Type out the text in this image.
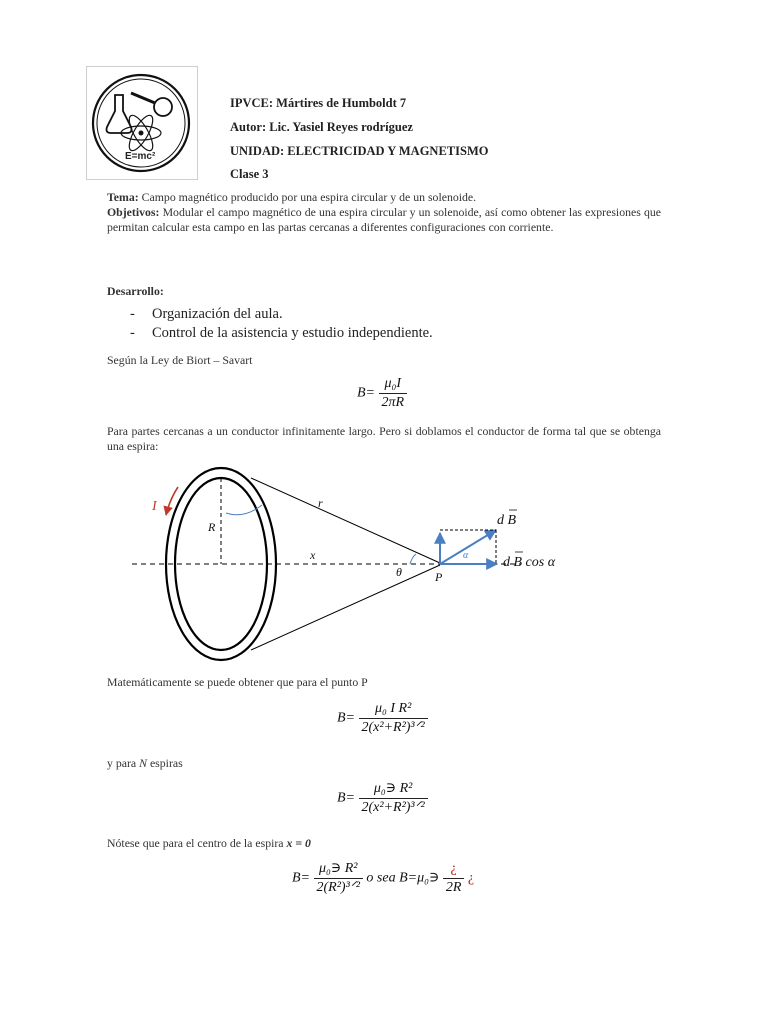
E=mc²
IPVCE: Mártires de Humboldt 7
Autor: Lic. Yasiel Reyes rodríguez
UNIDAD: ELECTRICIDAD Y MAGNETISMO
Clase 3
Tema: Campo magnético producido por una espira circular y de un solenoide.
Objetivos: Modular el campo magnético de una espira circular y un solenoide, así como obtener las expresiones que permitan calcular esta campo en las partas cercanas a diferentes configuraciones con corriente.
Desarrollo:
- Organización del aula.
- Control de la asistencia y estudio independiente.
Según la Ley de Biort – Savart
$B= \frac{\text{μ₀I}}{2\pi R}$
Para partes cercanas a un conductor infinitamente largo. Pero si doblamos el conductor de forma tal que se obtenga una espira:
I
R
r
x
θ	P
α
d B
d B cos α
Matemáticamente se puede obtener que para el punto P
$B= \frac{\text{μ₀ I R²}}{\text{2(x²+R²)³ᐟ²}}$
y para N espiras
$B= \frac{\text{μ₀∋ R²}}{\text{2(x²+R²)³ᐟ²}}$
Nótese que para el centro de la espira x = 0
$B= \frac{\text{μ₀∋ R²}}{\text{2(R²)³ᐟ²}}$ o sea B=μ₀∋ $\frac{¿}{2R}$ ¿
